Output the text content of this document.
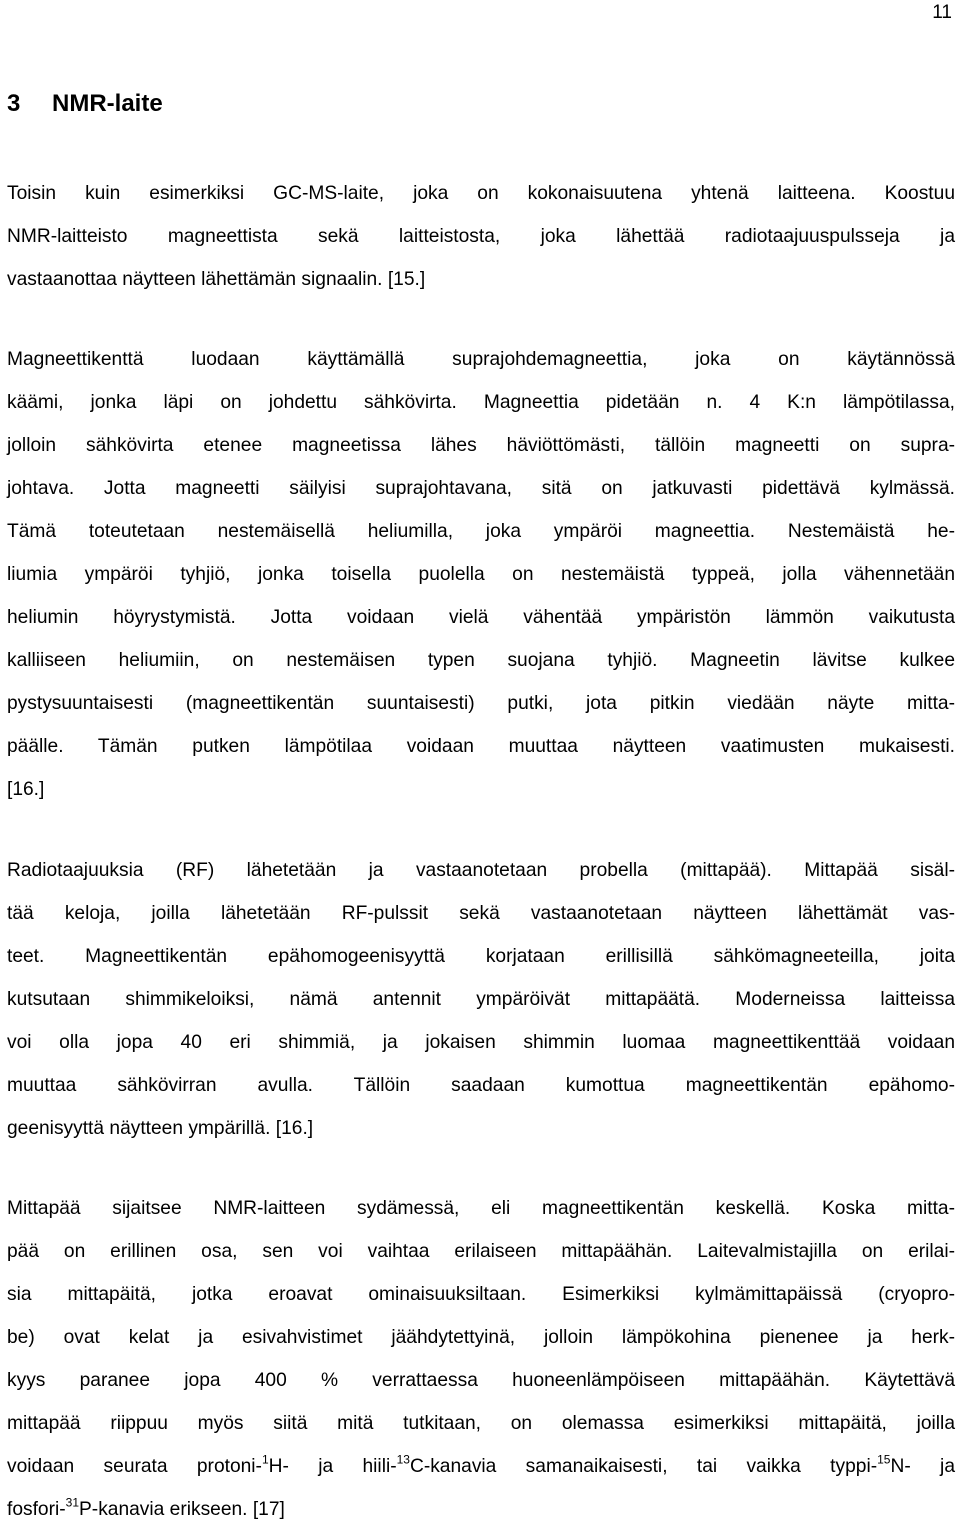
11
3 NMR-laite

Toisin kuin esimerkiksi GC-MS-laite, joka on kokonaisuutena yhtenä laitteena. Koostuu
NMR-laitteisto magneettista sekä laitteistosta, joka lähettää radiotaajuuspulsseja ja
vastaanottaa näytteen lähettämän signaalin. [15.]

Magneettikenttä luodaan käyttämällä suprajohdemagneettia, joka on käytännössä
käämi, jonka läpi on johdettu sähkövirta. Magneettia pidetään n. 4 K:n lämpötilassa,
jolloin sähkövirta etenee magneetissa lähes häviöttömästi, tällöin magneetti on supra-
johtava. Jotta magneetti säilyisi suprajohtavana, sitä on jatkuvasti pidettävä kylmässä.
Tämä toteutetaan nestemäisellä heliumilla, joka ympäröi magneettia. Nestemäistä he-
liumia ympäröi tyhjiö, jonka toisella puolella on nestemäistä typpeä, jolla vähennetään
heliumin höyrystymistä. Jotta voidaan vielä vähentää ympäristön lämmön vaikutusta
kalliiseen heliumiin, on nestemäisen typen suojana tyhjiö. Magneetin lävitse kulkee
pystysuuntaisesti (magneettikentän suuntaisesti) putki, jota pitkin viedään näyte mitta-
päälle. Tämän putken lämpötilaa voidaan muuttaa näytteen vaatimusten mukaisesti.
[16.]

Radiotaajuuksia (RF) lähetetään ja vastaanotetaan probella (mittapää). Mittapää sisäl-
tää keloja, joilla lähetetään RF-pulssit sekä vastaanotetaan näytteen lähettämät vas-
teet. Magneettikentän epähomogeenisyyttä korjataan erillisillä sähkömagneeteilla, joita
kutsutaan shimmikeloiksi, nämä antennit ympäröivät mittapäätä. Moderneissa laitteissa
voi olla jopa 40 eri shimmiä, ja jokaisen shimmin luomaa magneettikenttää voidaan
muuttaa sähkövirran avulla. Tällöin saadaan kumottua magneettikentän epähomo-
geenisyyttä näytteen ympärillä. [16.]

Mittapää sijaitsee NMR-laitteen sydämessä, eli magneettikentän keskellä. Koska mitta-
pää on erillinen osa, sen voi vaihtaa erilaiseen mittapäähän. Laitevalmistajilla on erilai-
sia mittapäitä, jotka eroavat ominaisuuksiltaan. Esimerkiksi kylmämittapäissä (cryopro-
be) ovat kelat ja esivahvistimet jäähdytettyinä, jolloin lämpökohina pienenee ja herk-
kyys paranee jopa 400 % verrattaessa huoneenlämpöiseen mittapäähän. Käytettävä
mittapää riippuu myös siitä mitä tutkitaan, on olemassa esimerkiksi mittapäitä, joilla
voidaan seurata protoni-$^1$H- ja hiili-$^{13}$C-kanavia samanaikaisesti, tai vaikka typpi-$^{15}$N- ja
fosfori-$^{31}$P-kanavia erikseen. [17]
